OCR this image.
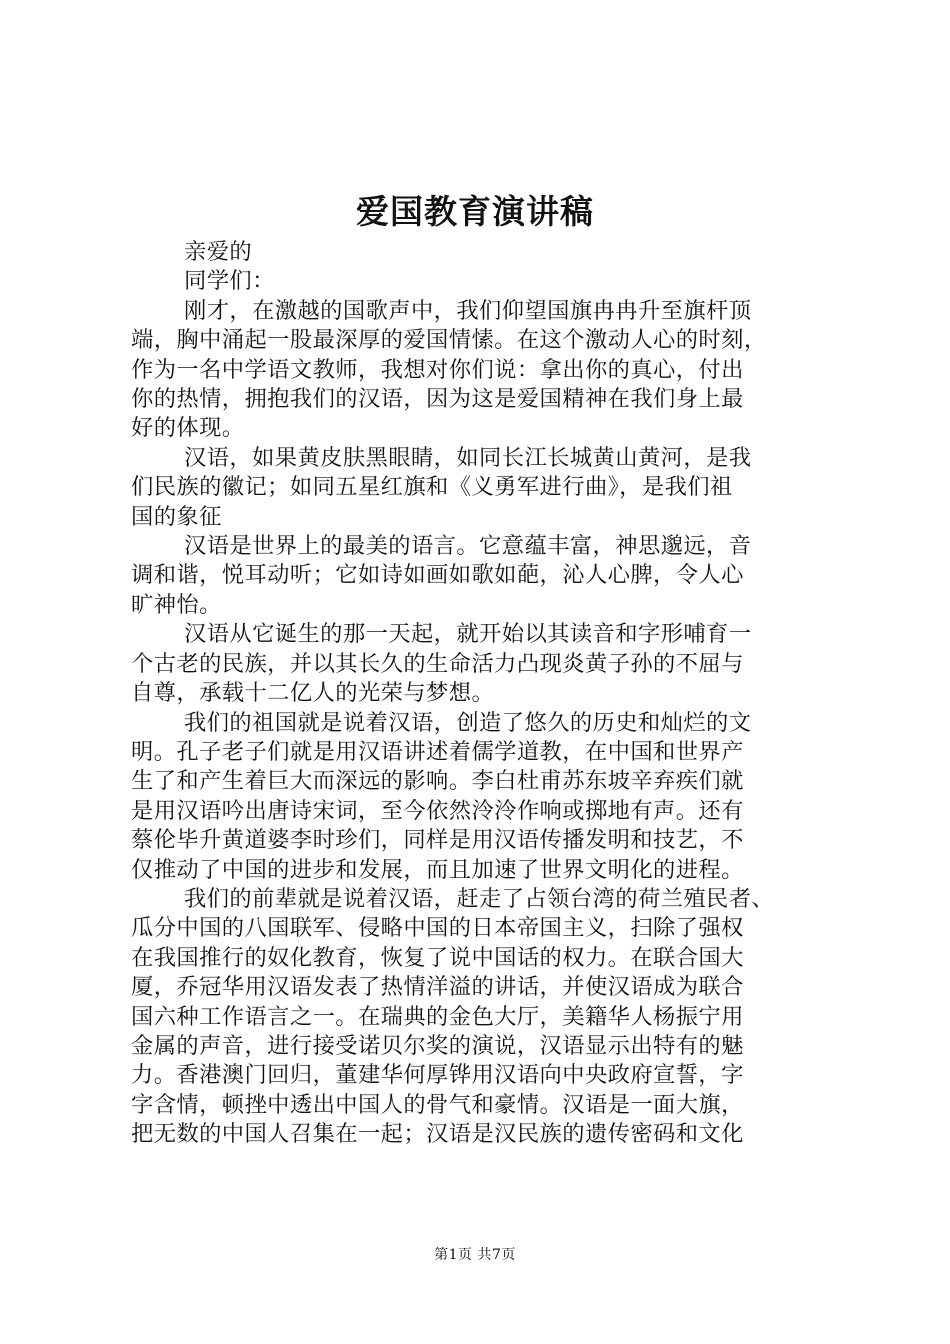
爱国教育演讲稿
亲爱的
同学们：
刚才，在激越的国歌声中，我们仰望国旗冉冉升至旗杆顶
端，胸中涌起一股最深厚的爱国情愫。在这个激动人心的时刻，
作为一名中学语文教师，我想对你们说：拿出你的真心，付出
你的热情，拥抱我们的汉语，因为这是爱国精神在我们身上最
好的体现。
汉语，如果黄皮肤黑眼睛，如同长江长城黄山黄河，是我
们民族的徽记；如同五星红旗和《义勇军进行曲》，是我们祖
国的象征
汉语是世界上的最美的语言。它意蕴丰富，神思邈远，音
调和谐，悦耳动听；它如诗如画如歌如葩，沁人心脾，令人心
旷神怡。
汉语从它诞生的那一天起，就开始以其读音和字形哺育一
个古老的民族，并以其长久的生命活力凸现炎黄子孙的不屈与
自尊，承载十二亿人的光荣与梦想。
我们的祖国就是说着汉语，创造了悠久的历史和灿烂的文
明。孔子老子们就是用汉语讲述着儒学道教，在中国和世界产
生了和产生着巨大而深远的影响。李白杜甫苏东坡辛弃疾们就
是用汉语吟出唐诗宋词，至今依然泠泠作响或掷地有声。还有
蔡伦毕升黄道婆李时珍们，同样是用汉语传播发明和技艺，不
仅推动了中国的进步和发展，而且加速了世界文明化的进程。
我们的前辈就是说着汉语，赶走了占领台湾的荷兰殖民者、
瓜分中国的八国联军、侵略中国的日本帝国主义，扫除了强权
在我国推行的奴化教育，恢复了说中国话的权力。在联合国大
厦，乔冠华用汉语发表了热情洋溢的讲话，并使汉语成为联合
国六种工作语言之一。在瑞典的金色大厅，美籍华人杨振宁用
金属的声音，进行接受诺贝尔奖的演说，汉语显示出特有的魅
力。香港澳门回归，董建华何厚铧用汉语向中央政府宣誓，字
字含情，顿挫中透出中国人的骨气和豪情。汉语是一面大旗，
把无数的中国人召集在一起；汉语是汉民族的遗传密码和文化
第1页 共7页
